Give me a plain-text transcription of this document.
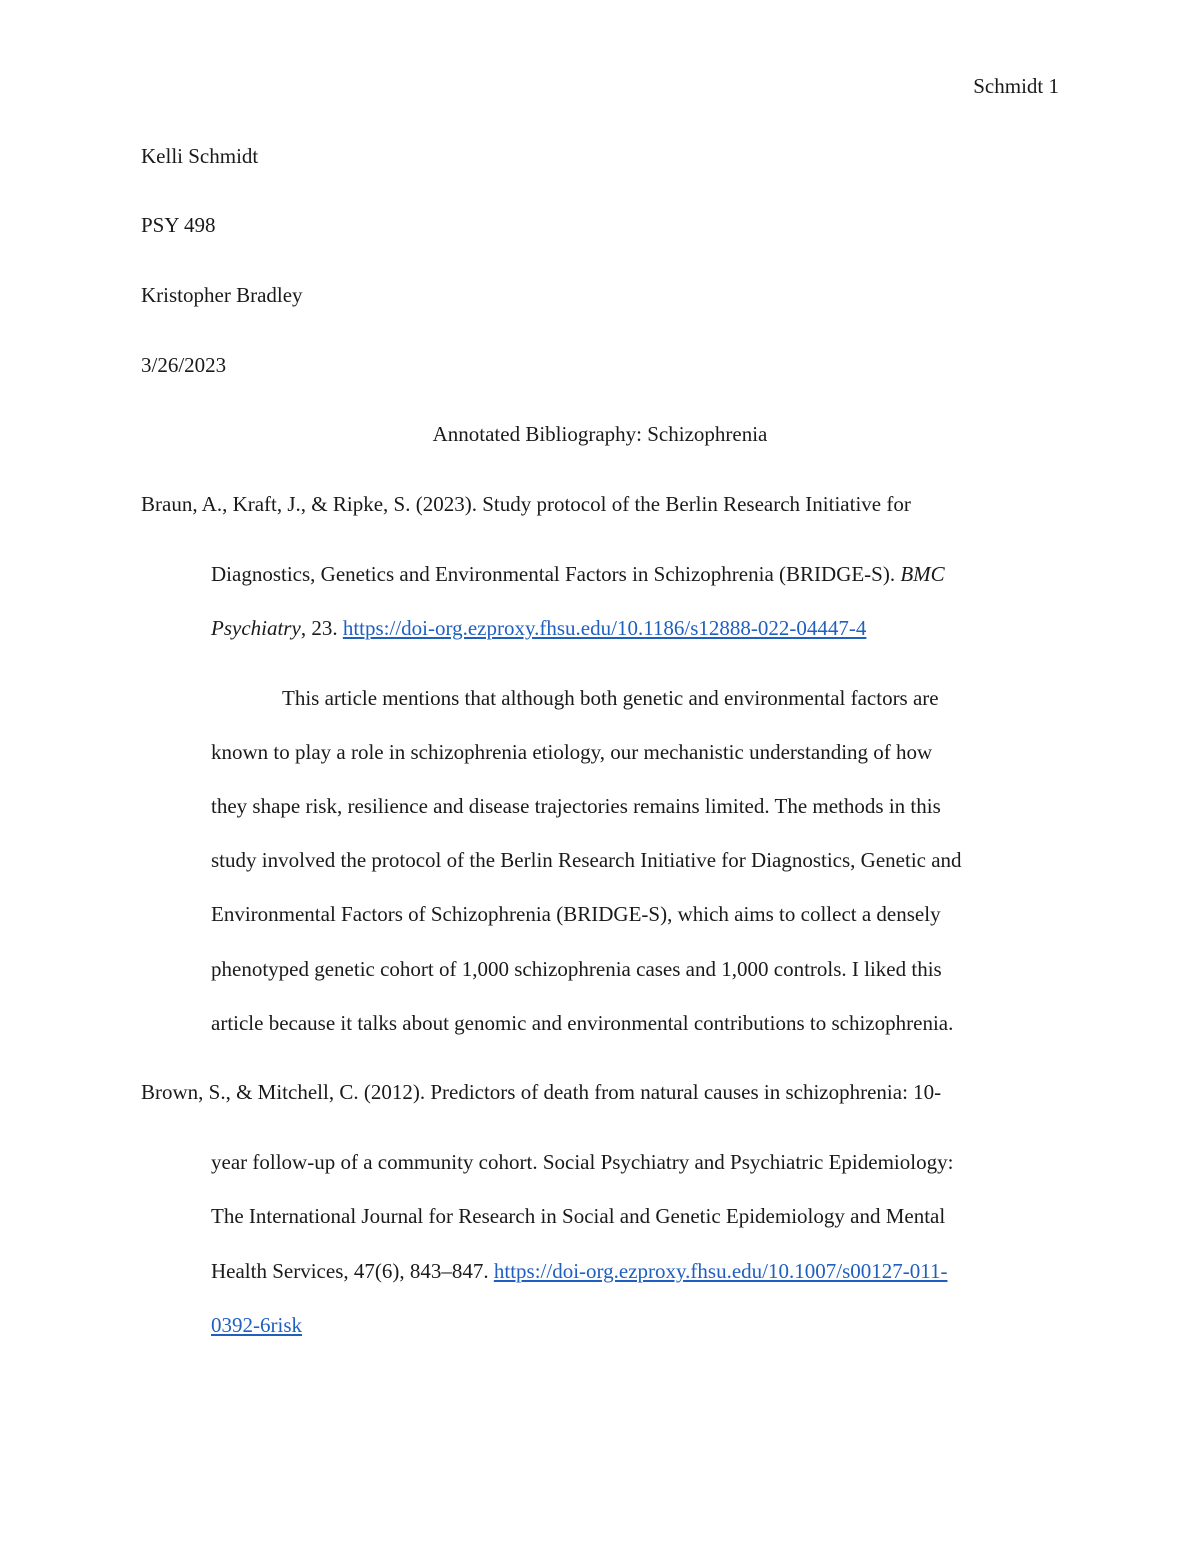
Schmidt 1

Kelli Schmidt

PSY 498

Kristopher Bradley

3/26/2023

Annotated Bibliography: Schizophrenia

Braun, A., Kraft, J., & Ripke, S. (2023). Study protocol of the Berlin Research Initiative for

Diagnostics, Genetics and Environmental Factors in Schizophrenia (BRIDGE-S). BMC

Psychiatry, 23. https://doi-org.ezproxy.fhsu.edu/10.1186/s12888-022-04447-4

This article mentions that although both genetic and environmental factors are

known to play a role in schizophrenia etiology, our mechanistic understanding of how

they shape risk, resilience and disease trajectories remains limited. The methods in this

study involved the protocol of the Berlin Research Initiative for Diagnostics, Genetic and

Environmental Factors of Schizophrenia (BRIDGE-S), which aims to collect a densely

phenotyped genetic cohort of 1,000 schizophrenia cases and 1,000 controls. I liked this

article because it talks about genomic and environmental contributions to schizophrenia.

Brown, S., & Mitchell, C. (2012). Predictors of death from natural causes in schizophrenia: 10-

year follow-up of a community cohort. Social Psychiatry and Psychiatric Epidemiology:

The International Journal for Research in Social and Genetic Epidemiology and Mental

Health Services, 47(6), 843–847. https://doi-org.ezproxy.fhsu.edu/10.1007/s00127-011-

0392-6risk
